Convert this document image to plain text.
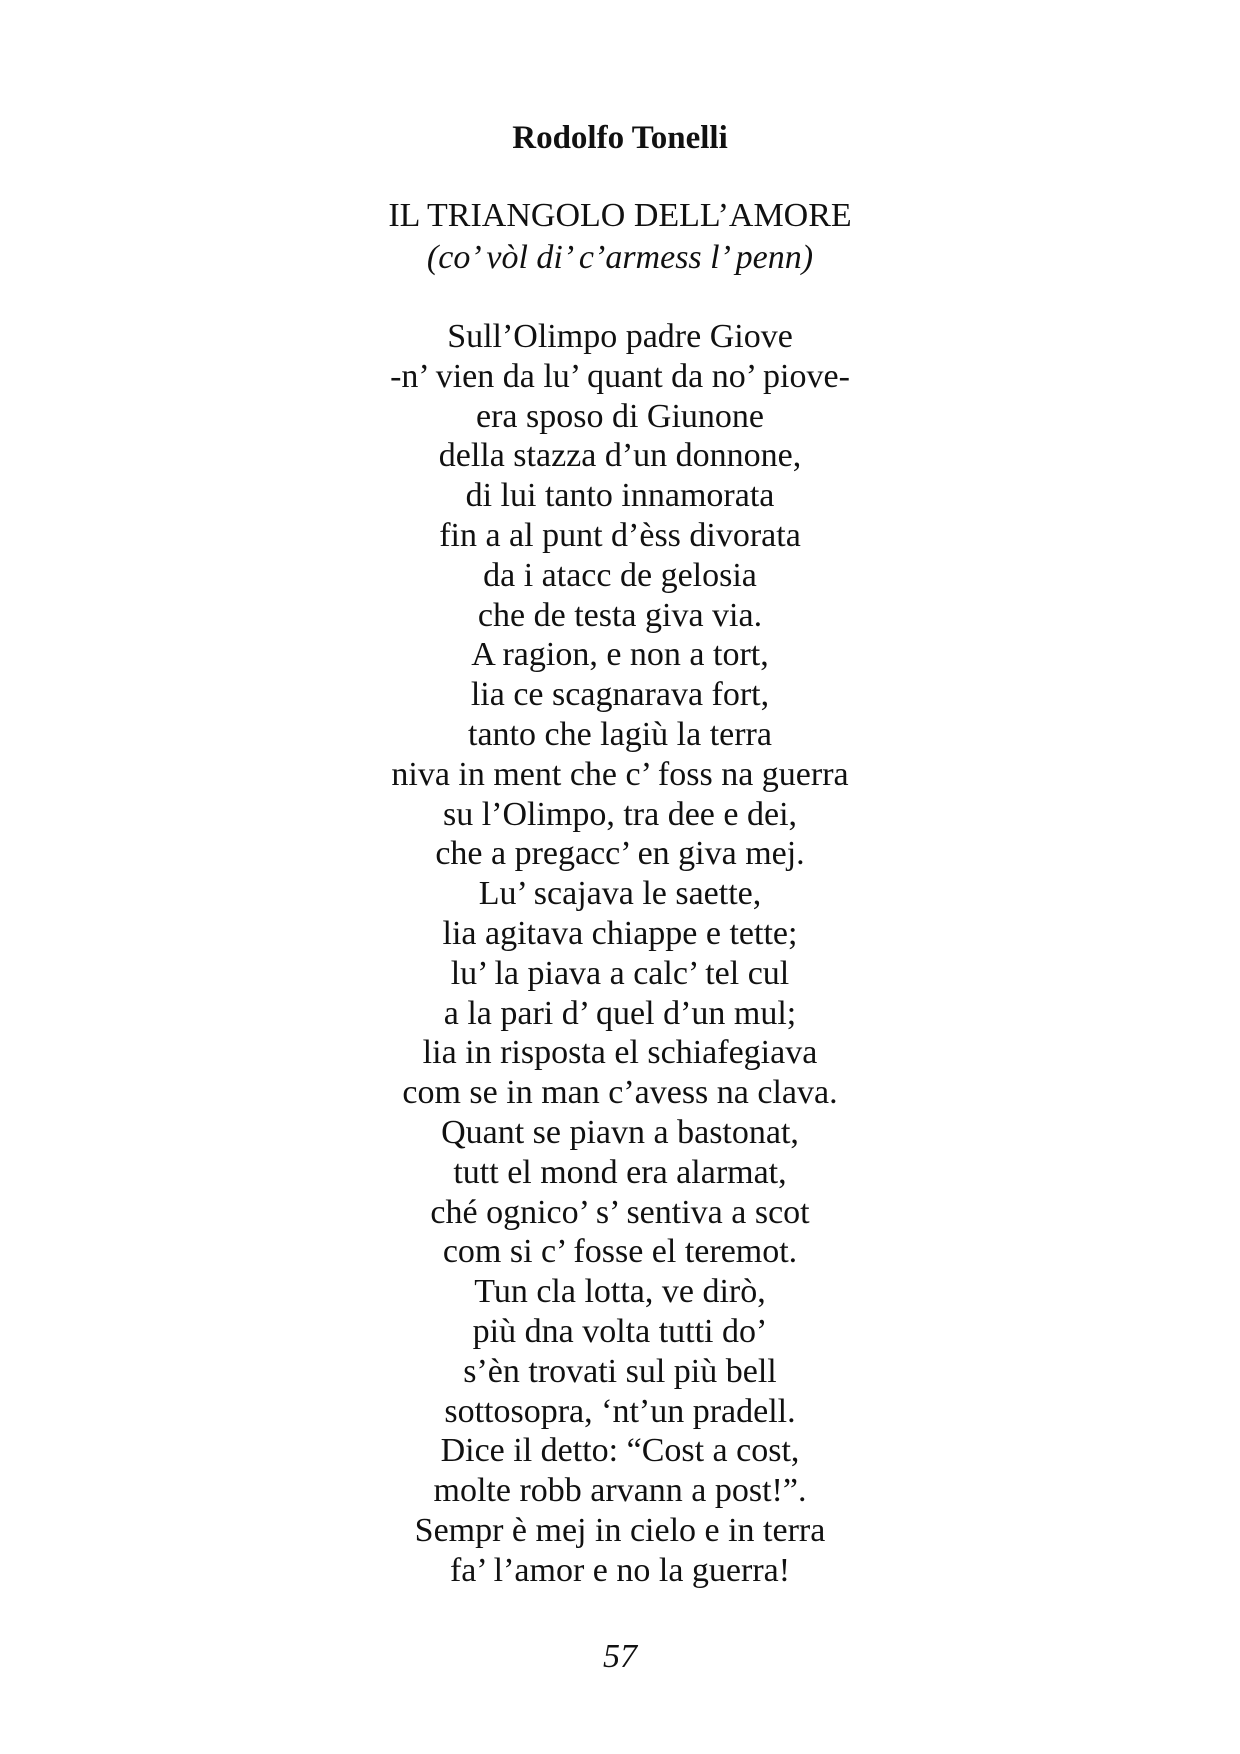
Rodolfo Tonelli
IL TRIANGOLO DELL’AMORE
(co’ vòl di’ c’armess l’ penn)
Sull’Olimpo padre Giove
-n’ vien da lu’ quant da no’ piove-
era sposo di Giunone
della stazza d’un donnone,
di lui tanto innamorata
fin a al punt d’èss divorata
da i atacc de gelosia
che de testa giva via.
A ragion, e non a tort,
lia ce scagnarava fort,
tanto che lagiù la terra
niva in ment che c’ foss na guerra
su l’Olimpo, tra dee e dei,
che a pregacc’ en giva mej.
Lu’ scajava le saette,
lia agitava chiappe e tette;
lu’ la piava a calc’ tel cul
a la pari d’ quel d’un mul;
lia in risposta el schiafegiava
com se in man c’avess na clava.
Quant se piavn a bastonat,
tutt el mond era alarmat,
ché ognico’ s’ sentiva a scot
com si c’ fosse el teremot.
Tun cla lotta, ve dirò,
più dna volta tutti do’
s’èn trovati sul più bell
sottosopra, ‘nt’un pradell.
Dice il detto: “Cost a cost,
molte robb arvann a post!”.
Sempr è mej in cielo e in terra
fa’ l’amor e no la guerra!
57
